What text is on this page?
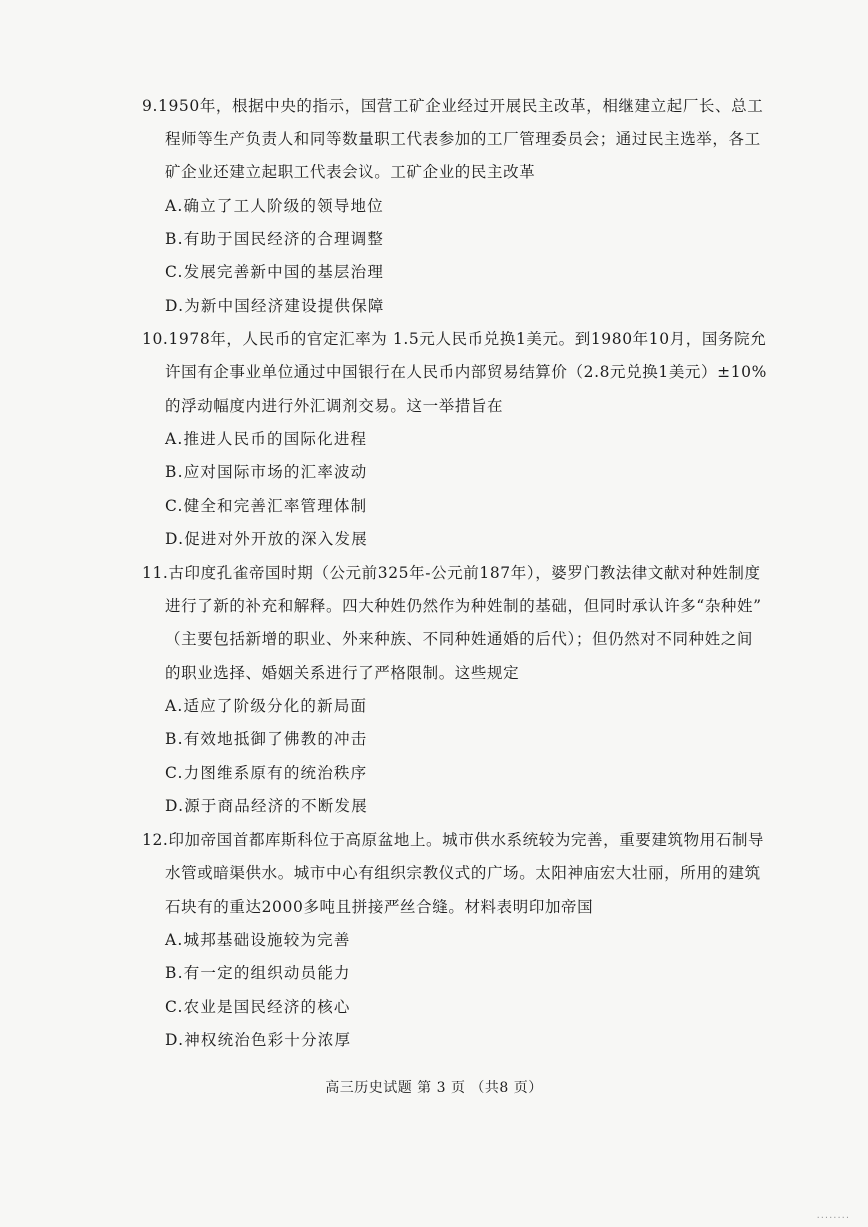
9.1950年，根据中央的指示，国营工矿企业经过开展民主改革，相继建立起厂长、总工
程师等生产负责人和同等数量职工代表参加的工厂管理委员会；通过民主选举，各工
矿企业还建立起职工代表会议。工矿企业的民主改革
A.确立了工人阶级的领导地位
B.有助于国民经济的合理调整
C.发展完善新中国的基层治理
D.为新中国经济建设提供保障
10.1978年，人民币的官定汇率为 1.5元人民币兑换1美元。到1980年10月，国务院允
许国有企事业单位通过中国银行在人民币内部贸易结算价（2.8元兑换1美元）±10%
的浮动幅度内进行外汇调剂交易。这一举措旨在
A.推进人民币的国际化进程
B.应对国际市场的汇率波动
C.健全和完善汇率管理体制
D.促进对外开放的深入发展
11.古印度孔雀帝国时期（公元前325年-公元前187年），婆罗门教法律文献对种姓制度
进行了新的补充和解释。四大种姓仍然作为种姓制的基础，但同时承认许多“杂种姓”
（主要包括新增的职业、外来种族、不同种姓通婚的后代）；但仍然对不同种姓之间
的职业选择、婚姻关系进行了严格限制。这些规定
A.适应了阶级分化的新局面
B.有效地抵御了佛教的冲击
C.力图维系原有的统治秩序
D.源于商品经济的不断发展
12.印加帝国首都库斯科位于高原盆地上。城市供水系统较为完善，重要建筑物用石制导
水管或暗渠供水。城市中心有组织宗教仪式的广场。太阳神庙宏大壮丽，所用的建筑
石块有的重达2000多吨且拼接严丝合缝。材料表明印加帝国
A.城邦基础设施较为完善
B.有一定的组织动员能力
C.农业是国民经济的核心
D.神权统治色彩十分浓厚
高三历史试题 第 3 页 （共8 页）
........
